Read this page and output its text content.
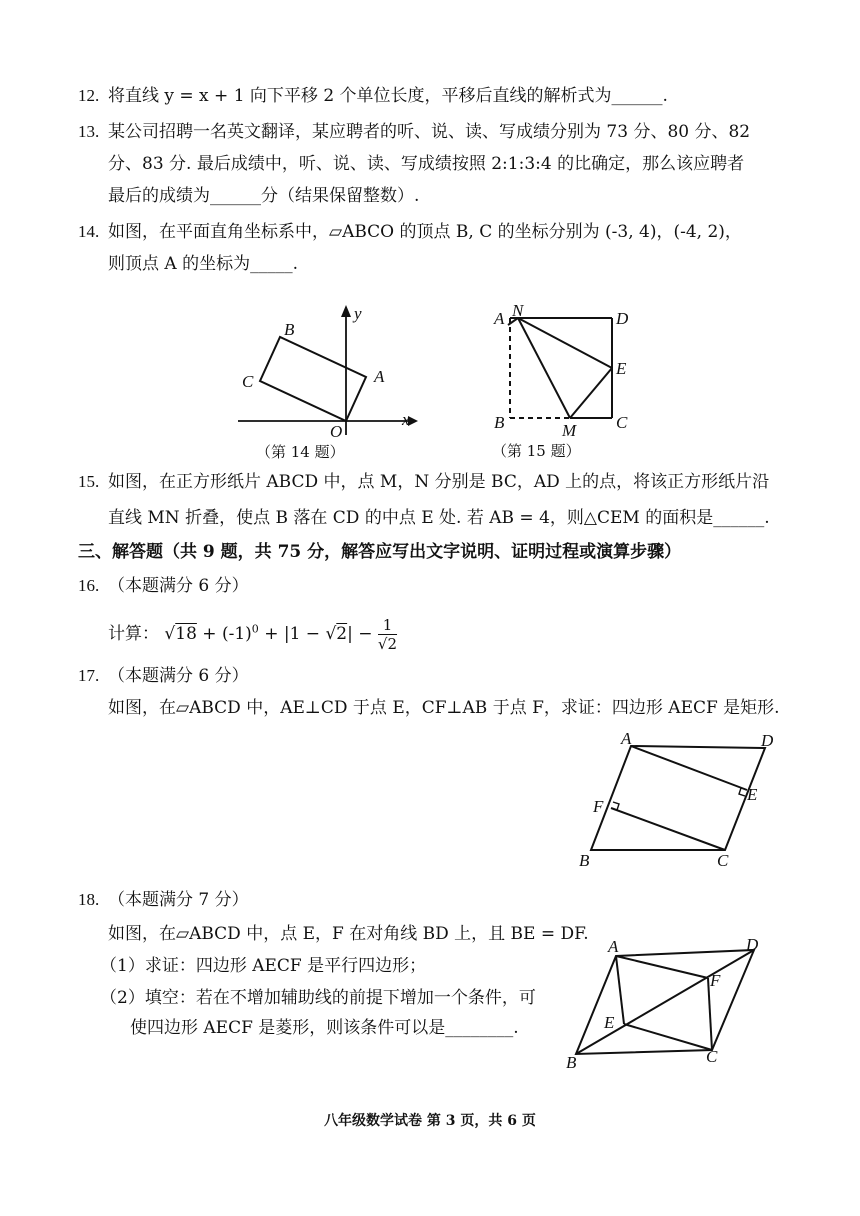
12. 将直线 y = x + 1 向下平移 2 个单位长度，平移后直线的解析式为______.
13. 某公司招聘一名英文翻译，某应聘者的听、说、读、写成绩分别为 73 分、80 分、82
分、83 分. 最后成绩中，听、说、读、写成绩按照 2:1:3:4 的比确定，那么该应聘者
最后的成绩为______分（结果保留整数）.
14. 如图，在平面直角坐标系中，▱ABCO 的顶点 B, C 的坐标分别为 (-3, 4)，(-4, 2)，
则顶点 A 的坐标为_____.
y
B
C	A
O
x
（第 14 题）
A N	D
E
B	M C
（第 15 题）
15. 如图，在正方形纸片 ABCD 中，点 M，N 分别是 BC，AD 上的点，将该正方形纸片沿
直线 MN 折叠，使点 B 落在 CD 的中点 E 处. 若 AB = 4，则△CEM 的面积是______.
三、解答题（共 9 题，共 75 分，解答应写出文字说明、证明过程或演算步骤）
16. （本题满分 6 分）
计算： $√18 + (-1)^0 + |1 - √2| - \frac{1}{√2}$
17. （本题满分 6 分）
如图，在▱ABCD 中，AE⊥CD 于点 E，CF⊥AB 于点 F，求证：四边形 AECF 是矩形.
A	D
E
F
B	C
18. （本题满分 7 分）
如图，在▱ABCD 中，点 E，F 在对角线 BD 上，且 BE = DF.
（1）求证：四边形 AECF 是平行四边形；
（2）填空：若在不增加辅助线的前提下增加一个条件，可
使四边形 AECF 是菱形，则该条件可以是________.
A	D
F
E
B	C
八年级数学试卷 第 3 页，共 6 页
